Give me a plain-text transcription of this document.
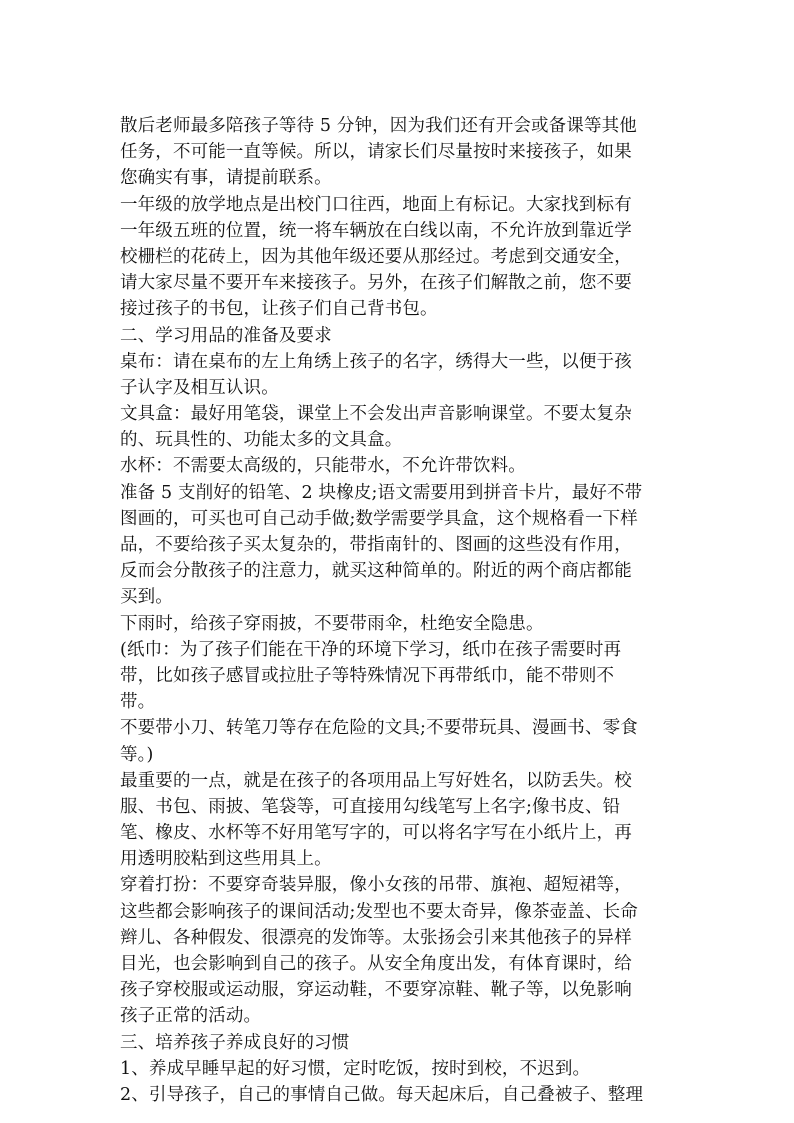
散后老师最多陪孩子等待 5 分钟，因为我们还有开会或备课等其他
任务，不可能一直等候。所以，请家长们尽量按时来接孩子，如果
您确实有事，请提前联系。
一年级的放学地点是出校门口往西，地面上有标记。大家找到标有
一年级五班的位置，统一将车辆放在白线以南，不允许放到靠近学
校栅栏的花砖上，因为其他年级还要从那经过。考虑到交通安全，
请大家尽量不要开车来接孩子。另外，在孩子们解散之前，您不要
接过孩子的书包，让孩子们自己背书包。
二、学习用品的准备及要求
桌布：请在桌布的左上角绣上孩子的名字，绣得大一些，以便于孩
子认字及相互认识。
文具盒：最好用笔袋，课堂上不会发出声音影响课堂。不要太复杂
的、玩具性的、功能太多的文具盒。
水杯：不需要太高级的，只能带水，不允许带饮料。
准备 5 支削好的铅笔、2 块橡皮;语文需要用到拼音卡片，最好不带
图画的，可买也可自己动手做;数学需要学具盒，这个规格看一下样
品，不要给孩子买太复杂的，带指南针的、图画的这些没有作用，
反而会分散孩子的注意力，就买这种简单的。附近的两个商店都能
买到。
下雨时，给孩子穿雨披，不要带雨伞，杜绝安全隐患。
(纸巾：为了孩子们能在干净的环境下学习，纸巾在孩子需要时再
带，比如孩子感冒或拉肚子等特殊情况下再带纸巾，能不带则不
带。
不要带小刀、转笔刀等存在危险的文具;不要带玩具、漫画书、零食
等。)
最重要的一点，就是在孩子的各项用品上写好姓名，以防丢失。校
服、书包、雨披、笔袋等，可直接用勾线笔写上名字;像书皮、铅
笔、橡皮、水杯等不好用笔写字的，可以将名字写在小纸片上，再
用透明胶粘到这些用具上。
穿着打扮：不要穿奇装异服，像小女孩的吊带、旗袍、超短裙等，
这些都会影响孩子的课间活动;发型也不要太奇异，像茶壶盖、长命
辫儿、各种假发、很漂亮的发饰等。太张扬会引来其他孩子的异样
目光，也会影响到自己的孩子。从安全角度出发，有体育课时，给
孩子穿校服或运动服，穿运动鞋，不要穿凉鞋、靴子等，以免影响
孩子正常的活动。
三、培养孩子养成良好的习惯
1、养成早睡早起的好习惯，定时吃饭，按时到校，不迟到。
2、引导孩子，自己的事情自己做。每天起床后，自己叠被子、整理
